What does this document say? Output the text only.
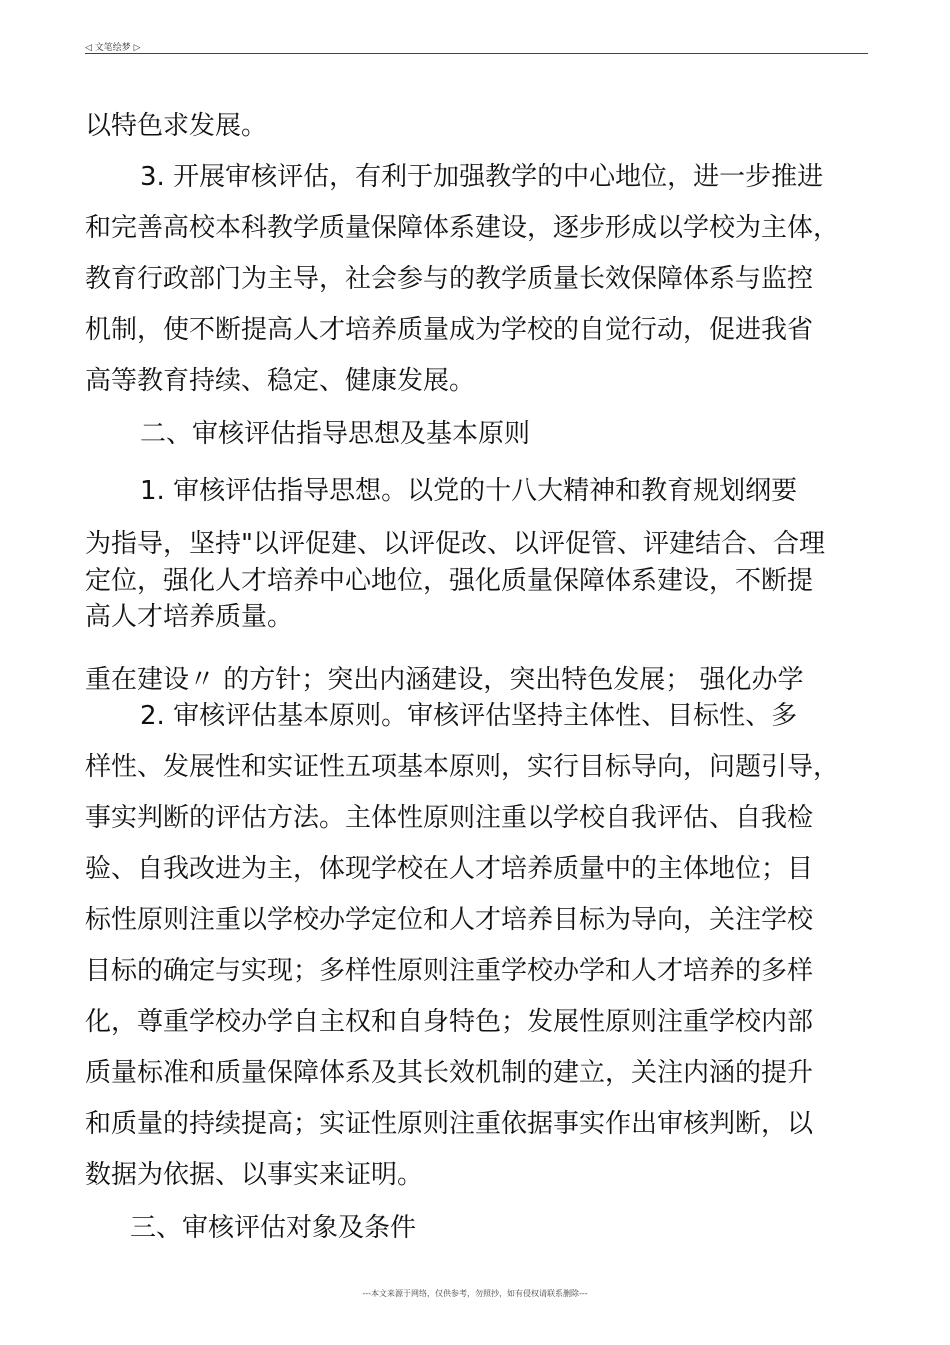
◁ 文笔绘梦 ▷
以特色求发展。
3. 开展审核评估，有利于加强教学的中心地位，进一步推进
和完善高校本科教学质量保障体系建设，逐步形成以学校为主体，
教育行政部门为主导，社会参与的教学质量长效保障体系与监控
机制，使不断提高人才培养质量成为学校的自觉行动，促进我省
高等教育持续、稳定、健康发展。
二、审核评估指导思想及基本原则
1. 审核评估指导思想。以党的十八大精神和教育规划纲要
为指导，坚持"以评促建、以评促改、以评促管、评建结合、合理
定位，强化人才培养中心地位，强化质量保障体系建设，不断提
高人才培养质量。
重在建设〃 的方针；突出内涵建设，突出特色发展； 强化办学
2. 审核评估基本原则。审核评估坚持主体性、目标性、多
样性、发展性和实证性五项基本原则，实行目标导向，问题引导，
事实判断的评估方法。主体性原则注重以学校自我评估、自我检
验、自我改进为主，体现学校在人才培养质量中的主体地位；目
标性原则注重以学校办学定位和人才培养目标为导向，关注学校
目标的确定与实现；多样性原则注重学校办学和人才培养的多样
化，尊重学校办学自主权和自身特色；发展性原则注重学校内部
质量标准和质量保障体系及其长效机制的建立，关注内涵的提升
和质量的持续提高；实证性原则注重依据事实作出审核判断，以
数据为依据、以事实来证明。
三、审核评估对象及条件
---本文来源于网络，仅供参考，勿照抄，如有侵权请联系删除---
